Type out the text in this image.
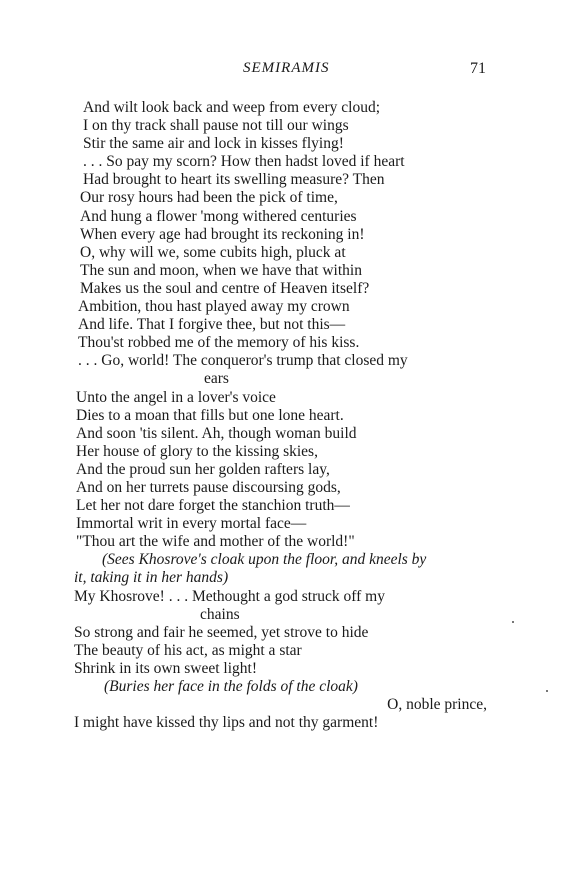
SEMIRAMIS	71
And wilt look back and weep from every cloud;
I on thy track shall pause not till our wings
Stir the same air and lock in kisses flying!
. . . So pay my scorn? How then hadst loved if heart
Had brought to heart its swelling measure? Then
Our rosy hours had been the pick of time,
And hung a flower 'mong withered centuries
When every age had brought its reckoning in!
O, why will we, some cubits high, pluck at
The sun and moon, when we have that within
Makes us the soul and centre of Heaven itself?
Ambition, thou hast played away my crown
And life. That I forgive thee, but not this—
Thou'st robbed me of the memory of his kiss.
. . . Go, world! The conqueror's trump that closed my
ears
Unto the angel in a lover's voice
Dies to a moan that fills but one lone heart.
And soon 'tis silent. Ah, though woman build
Her house of glory to the kissing skies,
And the proud sun her golden rafters lay,
And on her turrets pause discoursing gods,
Let her not dare forget the stanchion truth—
Immortal writ in every mortal face—
"Thou art the wife and mother of the world!"
(Sees Khosrove's cloak upon the floor, and kneels by
it, taking it in her hands)
My Khosrove! . . . Methought a god struck off my
chains
So strong and fair he seemed, yet strove to hide
The beauty of his act, as might a star
Shrink in its own sweet light!
(Buries her face in the folds of the cloak)
O, noble prince,
I might have kissed thy lips and not thy garment!
